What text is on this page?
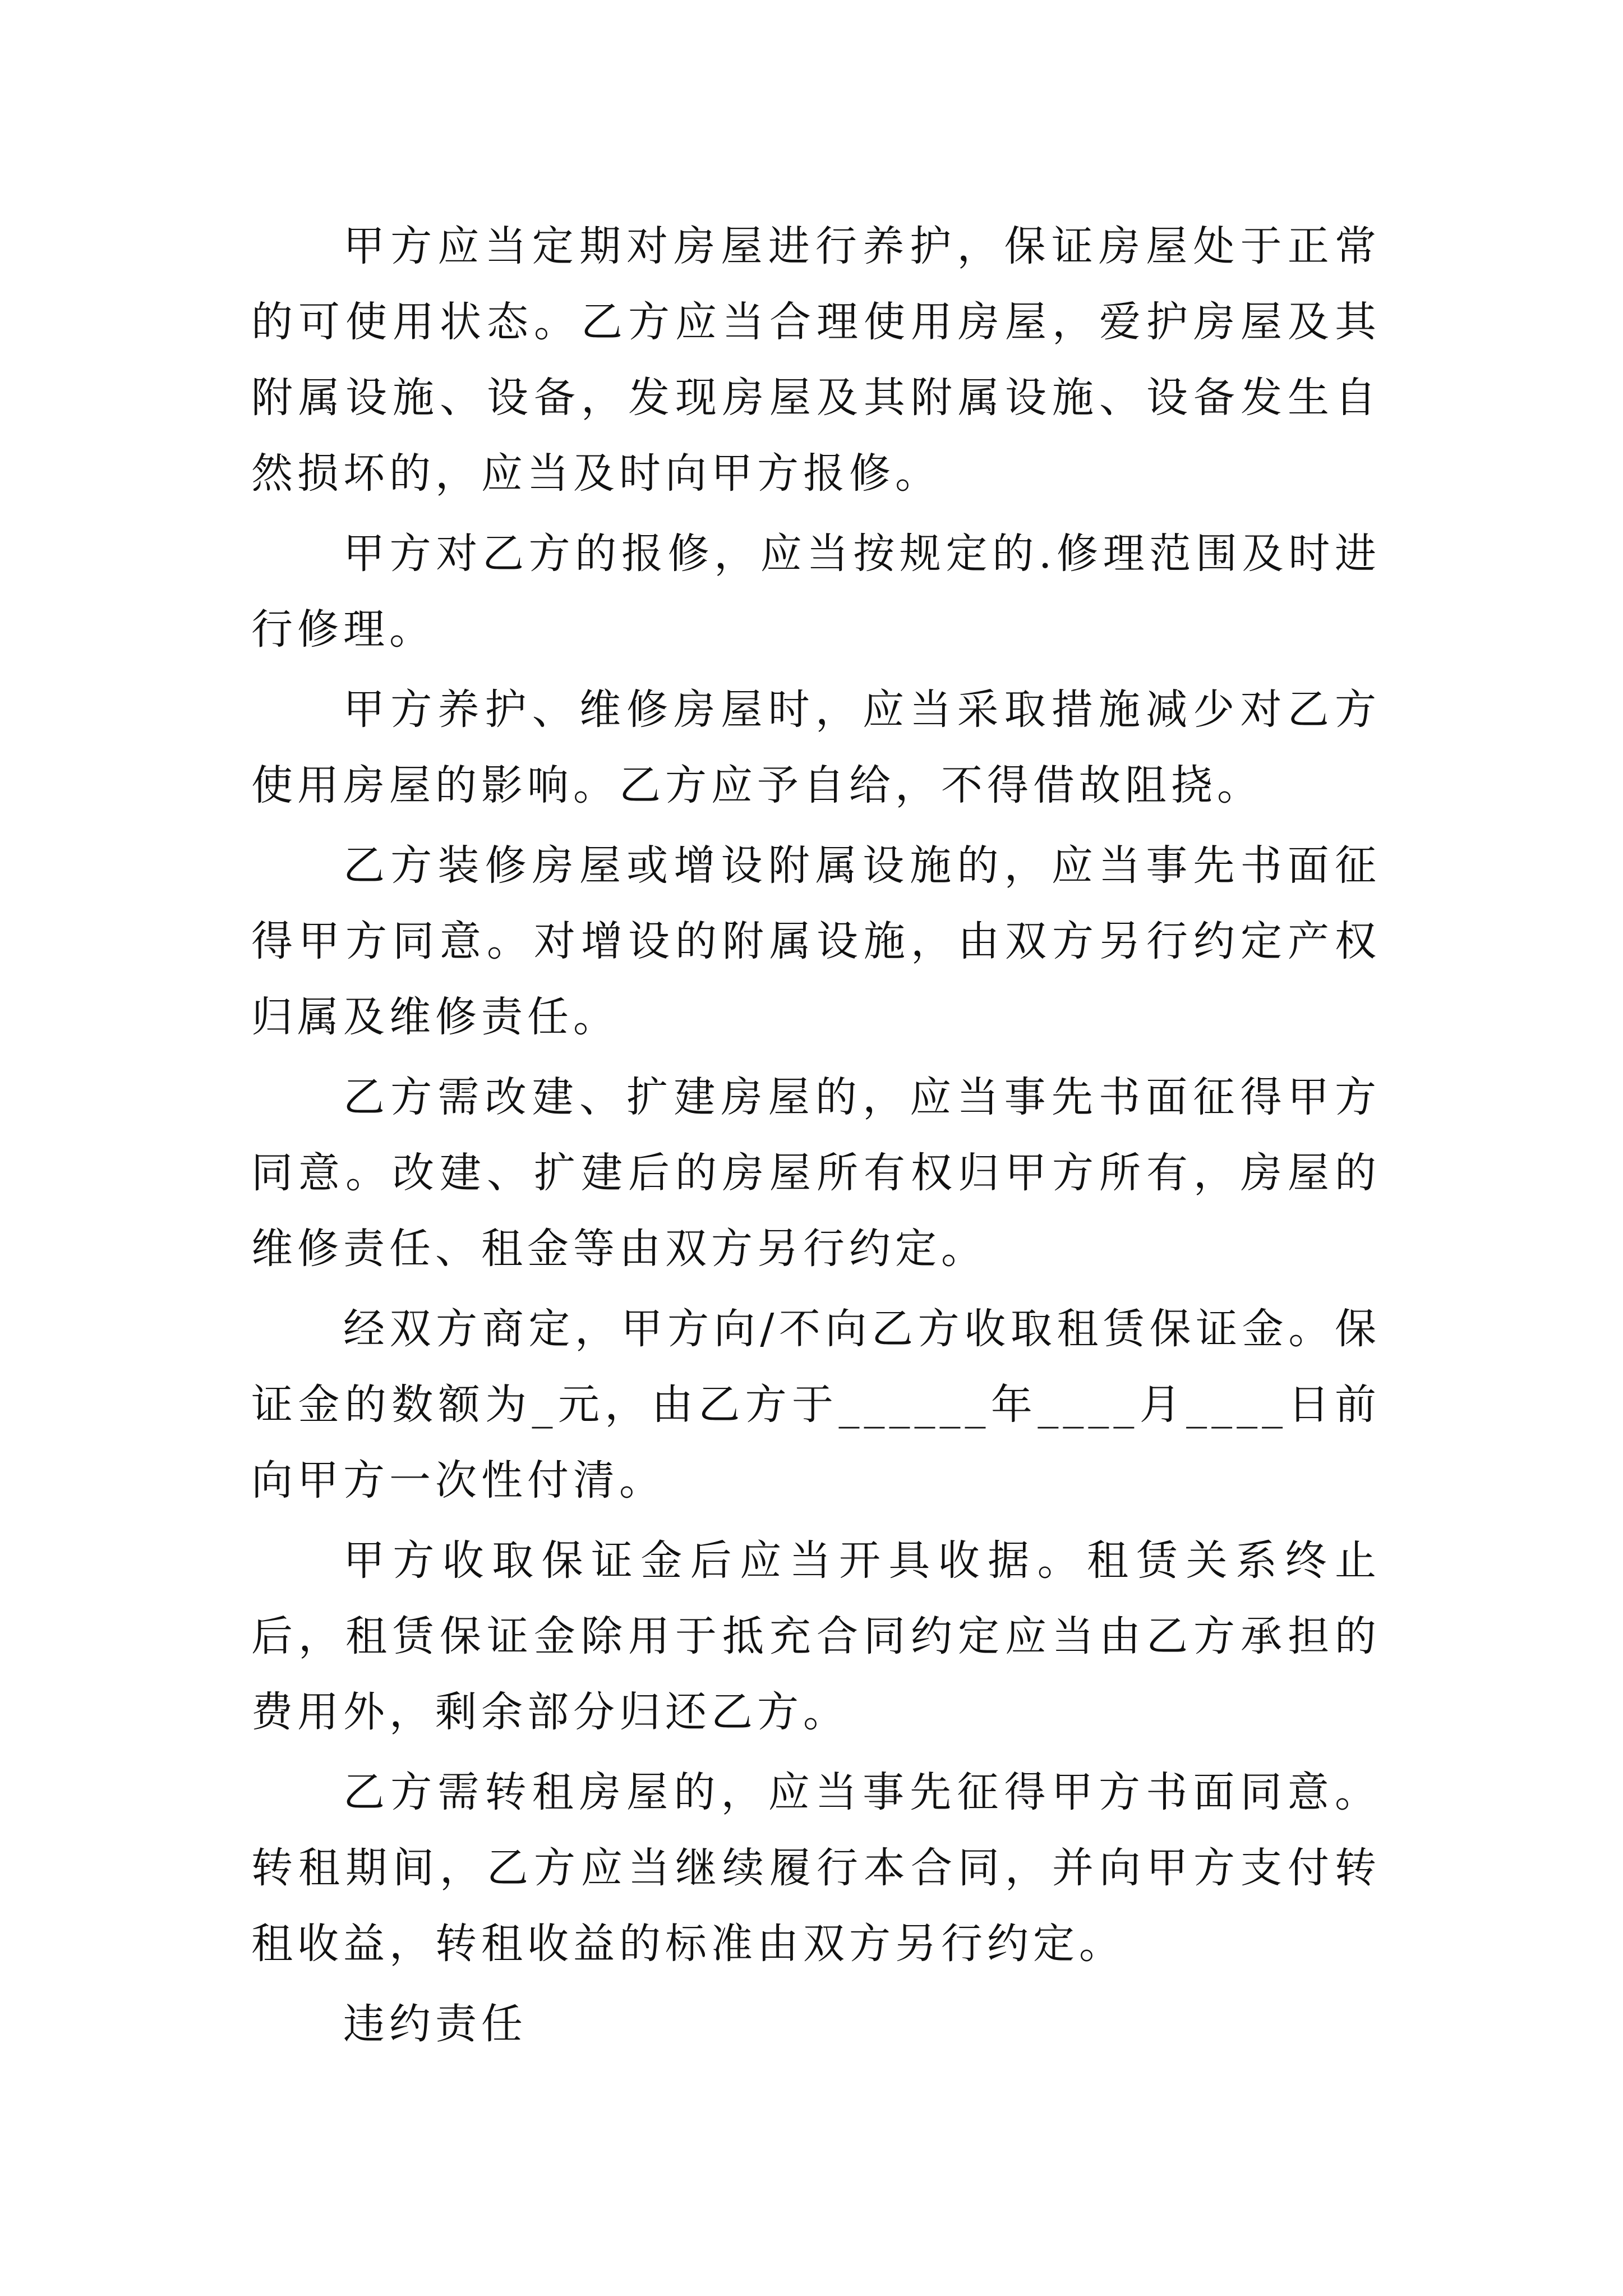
甲方应当定期对房屋进行养护，保证房屋处于正常的可使用状态。乙方应当合理使用房屋，爱护房屋及其附属设施、设备，发现房屋及其附属设施、设备发生自然损坏的，应当及时向甲方报修。

甲方对乙方的报修，应当按规定的.修理范围及时进行修理。

甲方养护、维修房屋时，应当采取措施减少对乙方使用房屋的影响。乙方应予自给，不得借故阻挠。

乙方装修房屋或增设附属设施的，应当事先书面征得甲方同意。对增设的附属设施，由双方另行约定产权归属及维修责任。

乙方需改建、扩建房屋的，应当事先书面征得甲方同意。改建、扩建后的房屋所有权归甲方所有，房屋的维修责任、租金等由双方另行约定。

经双方商定，甲方向/不向乙方收取租赁保证金。保证金的数额为_元，由乙方于______年____月____日前向甲方一次性付清。

甲方收取保证金后应当开具收据。租赁关系终止后，租赁保证金除用于抵充合同约定应当由乙方承担的费用外，剩余部分归还乙方。

乙方需转租房屋的，应当事先征得甲方书面同意。转租期间，乙方应当继续履行本合同，并向甲方支付转租收益，转租收益的标准由双方另行约定。

违约责任
